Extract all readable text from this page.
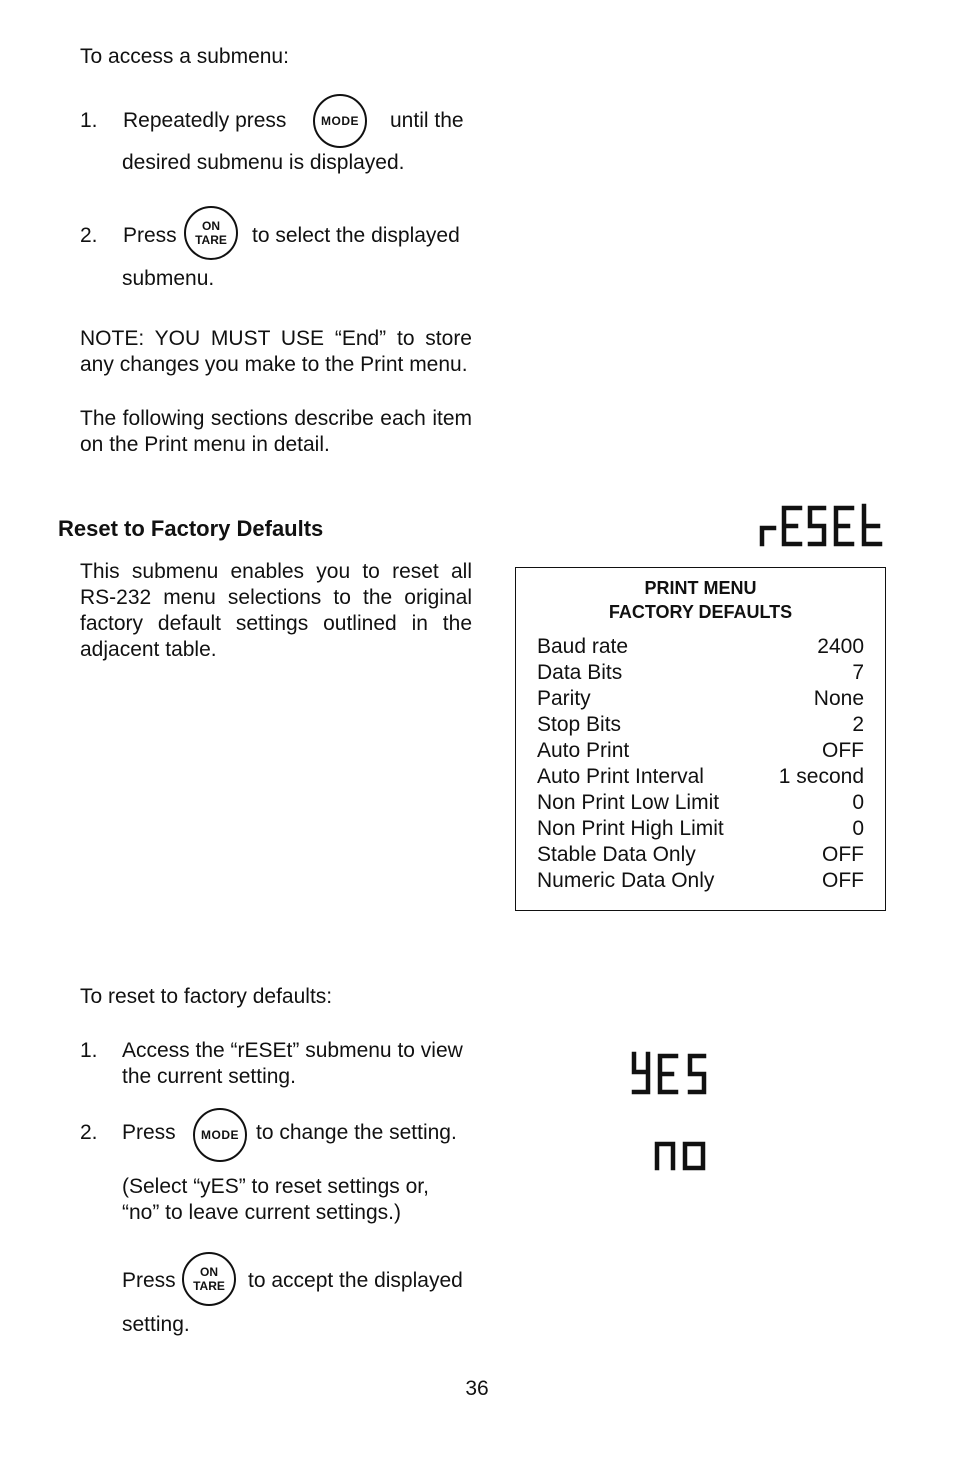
To access a submenu:
1. Repeatedly press	MODE	until the
desired submenu is displayed.
2. Press	ON
TARE	to select the displayed
submenu.
NOTE: YOU MUST USE “End” to store any changes you make to the Print menu.
The following sections describe each item on the Print menu in detail.
Reset to Factory Defaults
This submenu enables you to reset all RS-232 menu selections to the original factory default settings outlined in the adjacent table.
PRINT MENU
FACTORY DEFAULTS
Baud rate	2400
Data Bits	7
Parity	None
Stop Bits	2
Auto Print	OFF
Auto Print Interval	1 second
Non Print Low Limit	0
Non Print High Limit	0
Stable Data Only	OFF
Numeric Data Only	OFF
To reset to factory defaults:
1. Access the “rESEt” submenu to view the current setting.
2. Press	MODE to change the setting.
(Select “yES” to reset settings or, “no” to leave current settings.)
Press	ON
TARE	to accept the displayed
setting.
36
